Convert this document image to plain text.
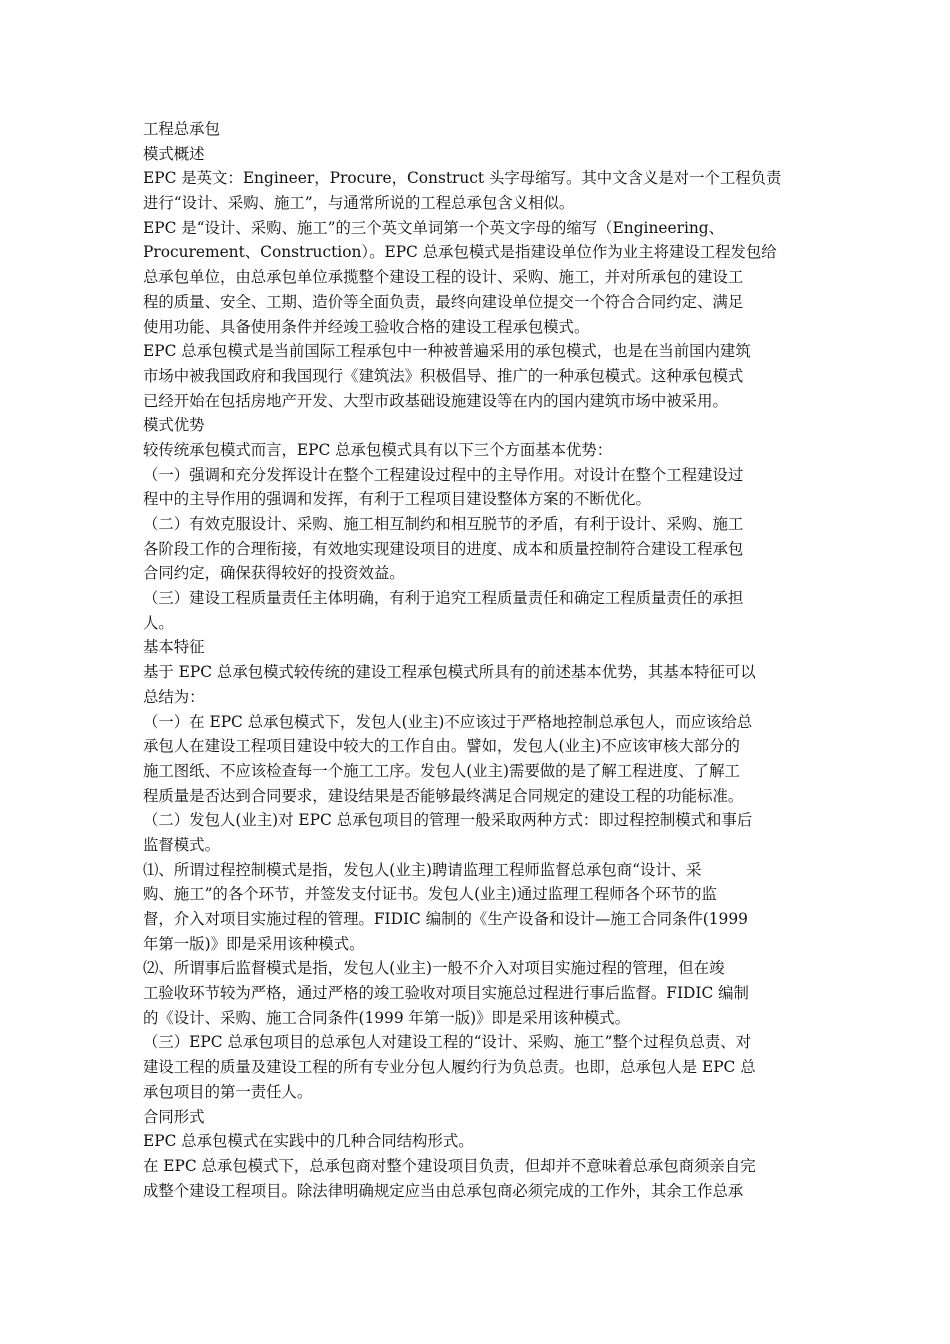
工程总承包
模式概述
EPC 是英文：Engineer，Procure，Construct 头字母缩写。其中文含义是对一个工程负责
进行“设计、采购、施工”，与通常所说的工程总承包含义相似。
EPC 是“设计、采购、施工”的三个英文单词第一个英文字母的缩写（Engineering、
Procurement、Construction）。EPC 总承包模式是指建设单位作为业主将建设工程发包给
总承包单位，由总承包单位承揽整个建设工程的设计、采购、施工，并对所承包的建设工
程的质量、安全、工期、造价等全面负责，最终向建设单位提交一个符合合同约定、满足
使用功能、具备使用条件并经竣工验收合格的建设工程承包模式。
EPC 总承包模式是当前国际工程承包中一种被普遍采用的承包模式，也是在当前国内建筑
市场中被我国政府和我国现行《建筑法》积极倡导、推广的一种承包模式。这种承包模式
已经开始在包括房地产开发、大型市政基础设施建设等在内的国内建筑市场中被采用。
模式优势
较传统承包模式而言，EPC 总承包模式具有以下三个方面基本优势：
（一）强调和充分发挥设计在整个工程建设过程中的主导作用。对设计在整个工程建设过
程中的主导作用的强调和发挥，有利于工程项目建设整体方案的不断优化。
（二）有效克服设计、采购、施工相互制约和相互脱节的矛盾，有利于设计、采购、施工
各阶段工作的合理衔接，有效地实现建设项目的进度、成本和质量控制符合建设工程承包
合同约定，确保获得较好的投资效益。
（三）建设工程质量责任主体明确，有利于追究工程质量责任和确定工程质量责任的承担
人。
基本特征
基于 EPC 总承包模式较传统的建设工程承包模式所具有的前述基本优势，其基本特征可以
总结为：
（一）在 EPC 总承包模式下，发包人(业主)不应该过于严格地控制总承包人，而应该给总
承包人在建设工程项目建设中较大的工作自由。譬如，发包人(业主)不应该审核大部分的
施工图纸、不应该检查每一个施工工序。发包人(业主)需要做的是了解工程进度、了解工
程质量是否达到合同要求，建设结果是否能够最终满足合同规定的建设工程的功能标准。
（二）发包人(业主)对 EPC 总承包项目的管理一般采取两种方式：即过程控制模式和事后
监督模式。
⑴、所谓过程控制模式是指，发包人(业主)聘请监理工程师监督总承包商“设计、采
购、施工”的各个环节，并签发支付证书。发包人(业主)通过监理工程师各个环节的监
督，介入对项目实施过程的管理。FIDIC 编制的《生产设备和设计—施工合同条件(1999
年第一版)》即是采用该种模式。
⑵、所谓事后监督模式是指，发包人(业主)一般不介入对项目实施过程的管理，但在竣
工验收环节较为严格，通过严格的竣工验收对项目实施总过程进行事后监督。FIDIC 编制
的《设计、采购、施工合同条件(1999 年第一版)》即是采用该种模式。
（三）EPC 总承包项目的总承包人对建设工程的“设计、采购、施工”整个过程负总责、对
建设工程的质量及建设工程的所有专业分包人履约行为负总责。也即，总承包人是 EPC 总
承包项目的第一责任人。
合同形式
EPC 总承包模式在实践中的几种合同结构形式。
在 EPC 总承包模式下，总承包商对整个建设项目负责，但却并不意味着总承包商须亲自完
成整个建设工程项目。除法律明确规定应当由总承包商必须完成的工作外，其余工作总承
